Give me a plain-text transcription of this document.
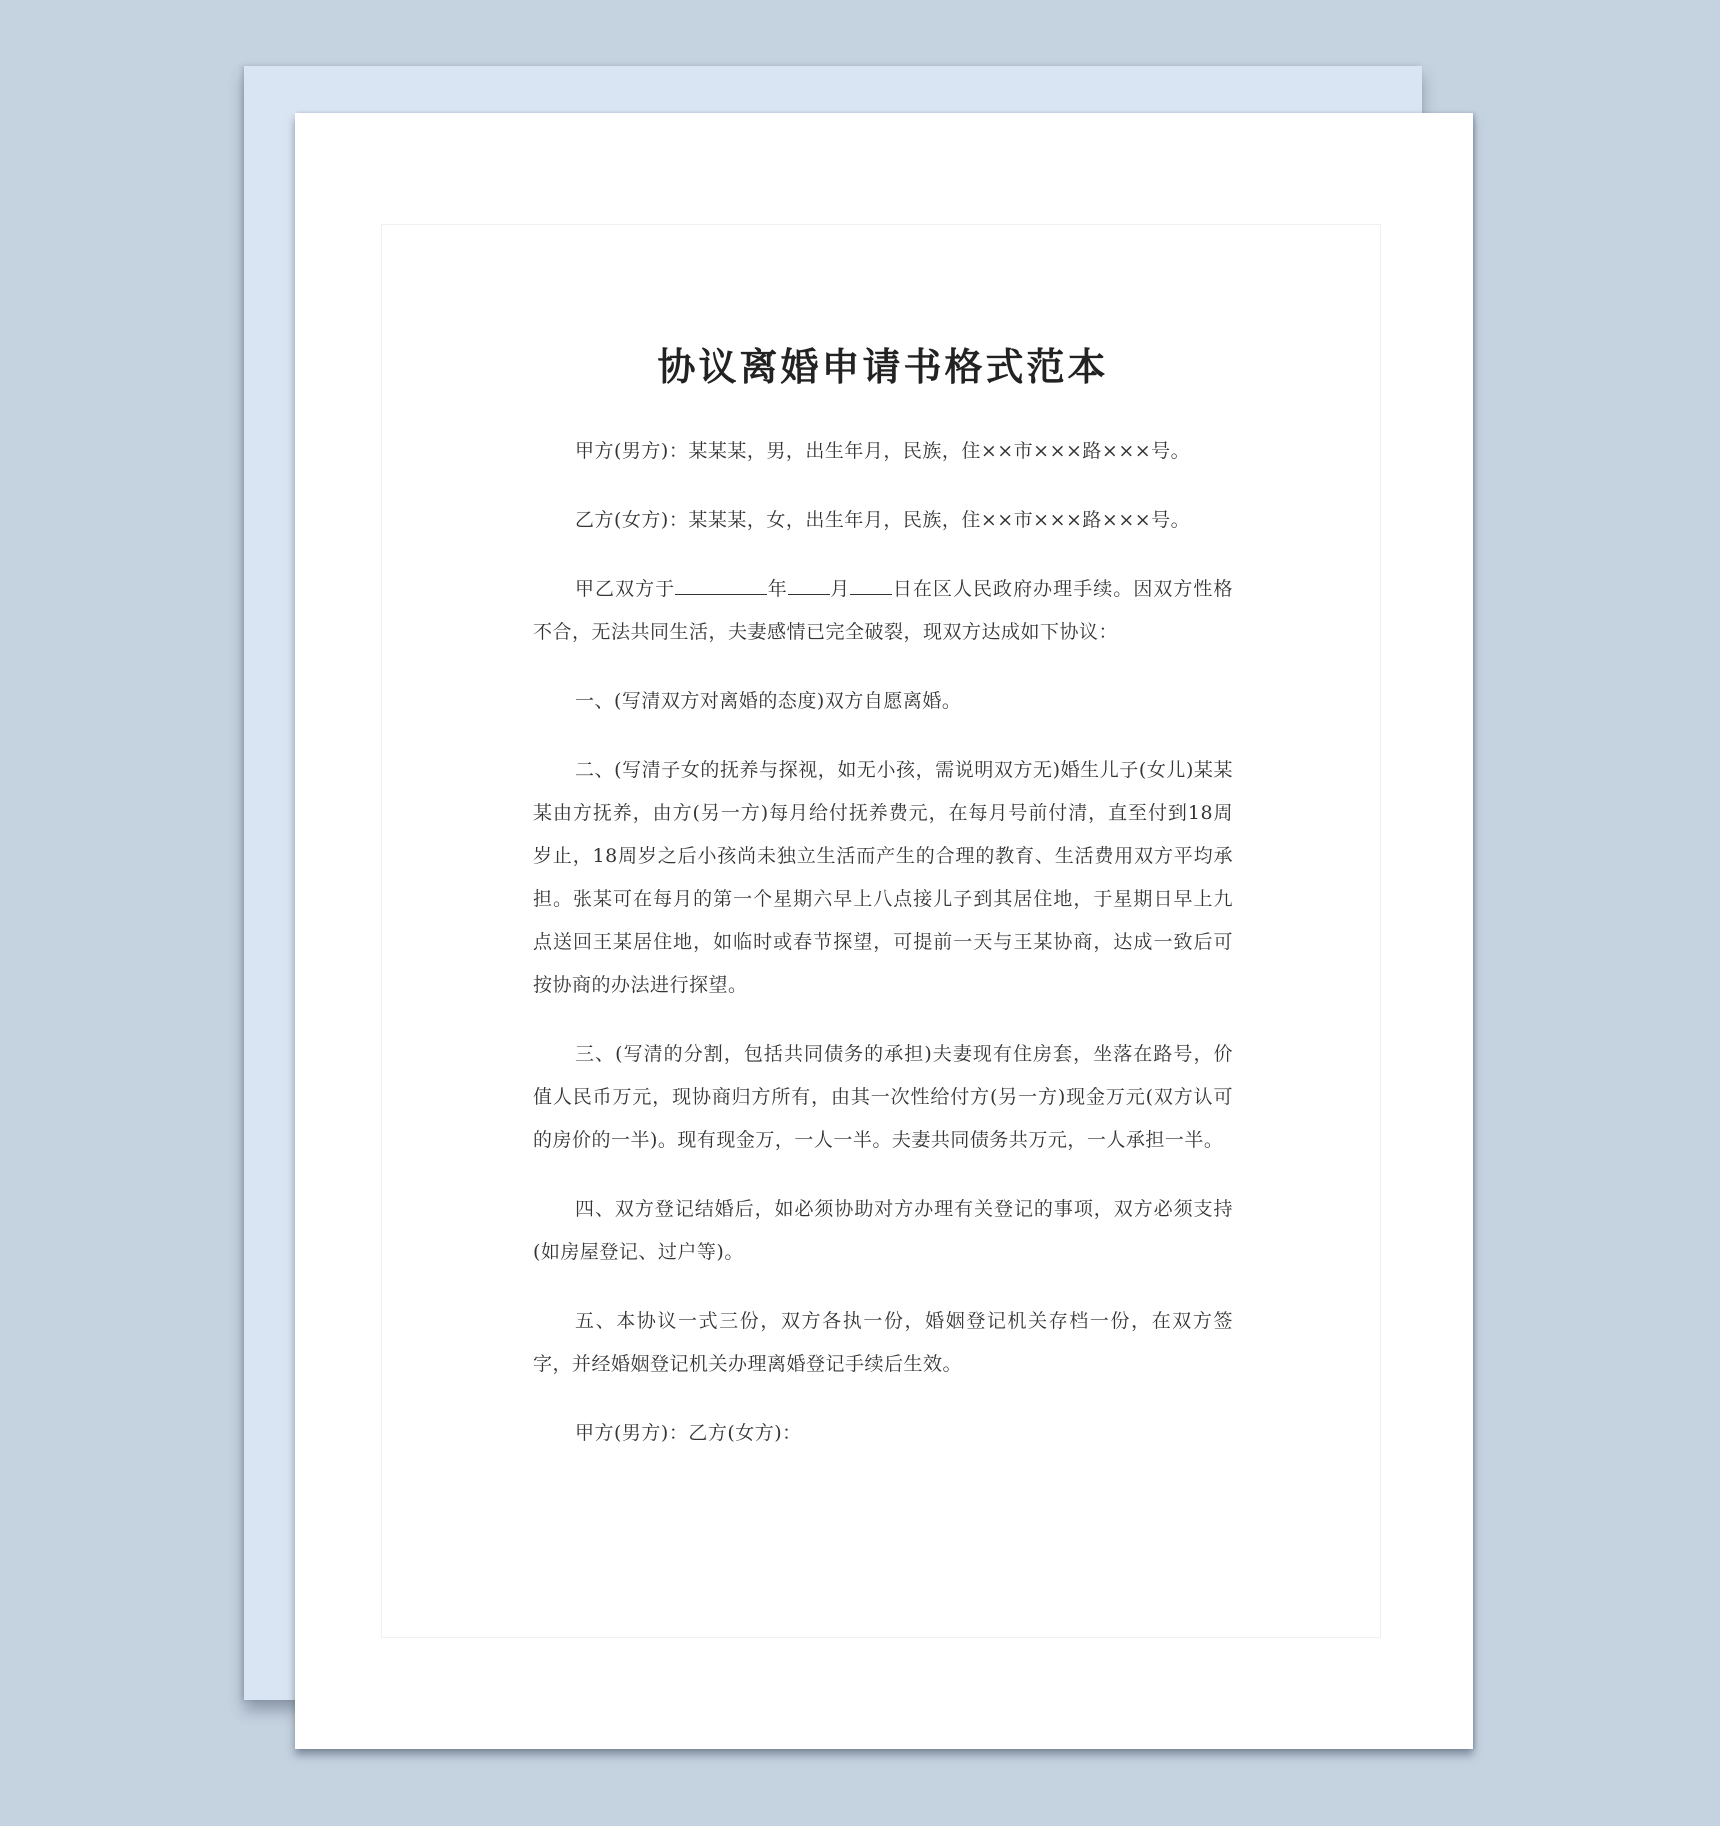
协议离婚申请书格式范本

甲方(男方)：某某某，男，出生年月，民族，住××市×××路×××号。

乙方(女方)：某某某，女，出生年月，民族，住××市×××路×××号。

甲乙双方于	年 月 日在区人民政府办理手续。因双方性格不合，无法共同生活，夫妻感情已完全破裂，现双方达成如下协议：

一、(写清双方对离婚的态度)双方自愿离婚。

二、(写清子女的抚养与探视，如无小孩，需说明双方无)婚生儿子(女儿)某某某由方抚养，由方(另一方)每月给付抚养费元，在每月号前付清，直至付到18周岁止，18周岁之后小孩尚未独立生活而产生的合理的教育、生活费用双方平均承担。张某可在每月的第一个星期六早上八点接儿子到其居住地，于星期日早上九点送回王某居住地，如临时或春节探望，可提前一天与王某协商，达成一致后可按协商的办法进行探望。

三、(写清的分割，包括共同债务的承担)夫妻现有住房套，坐落在路号，价值人民币万元，现协商归方所有，由其一次性给付方(另一方)现金万元(双方认可的房价的一半)。现有现金万，一人一半。夫妻共同债务共万元，一人承担一半。

四、双方登记结婚后，如必须协助对方办理有关登记的事项，双方必须支持(如房屋登记、过户等)。

五、本协议一式三份，双方各执一份，婚姻登记机关存档一份，在双方签字，并经婚姻登记机关办理离婚登记手续后生效。

甲方(男方)：乙方(女方)：
